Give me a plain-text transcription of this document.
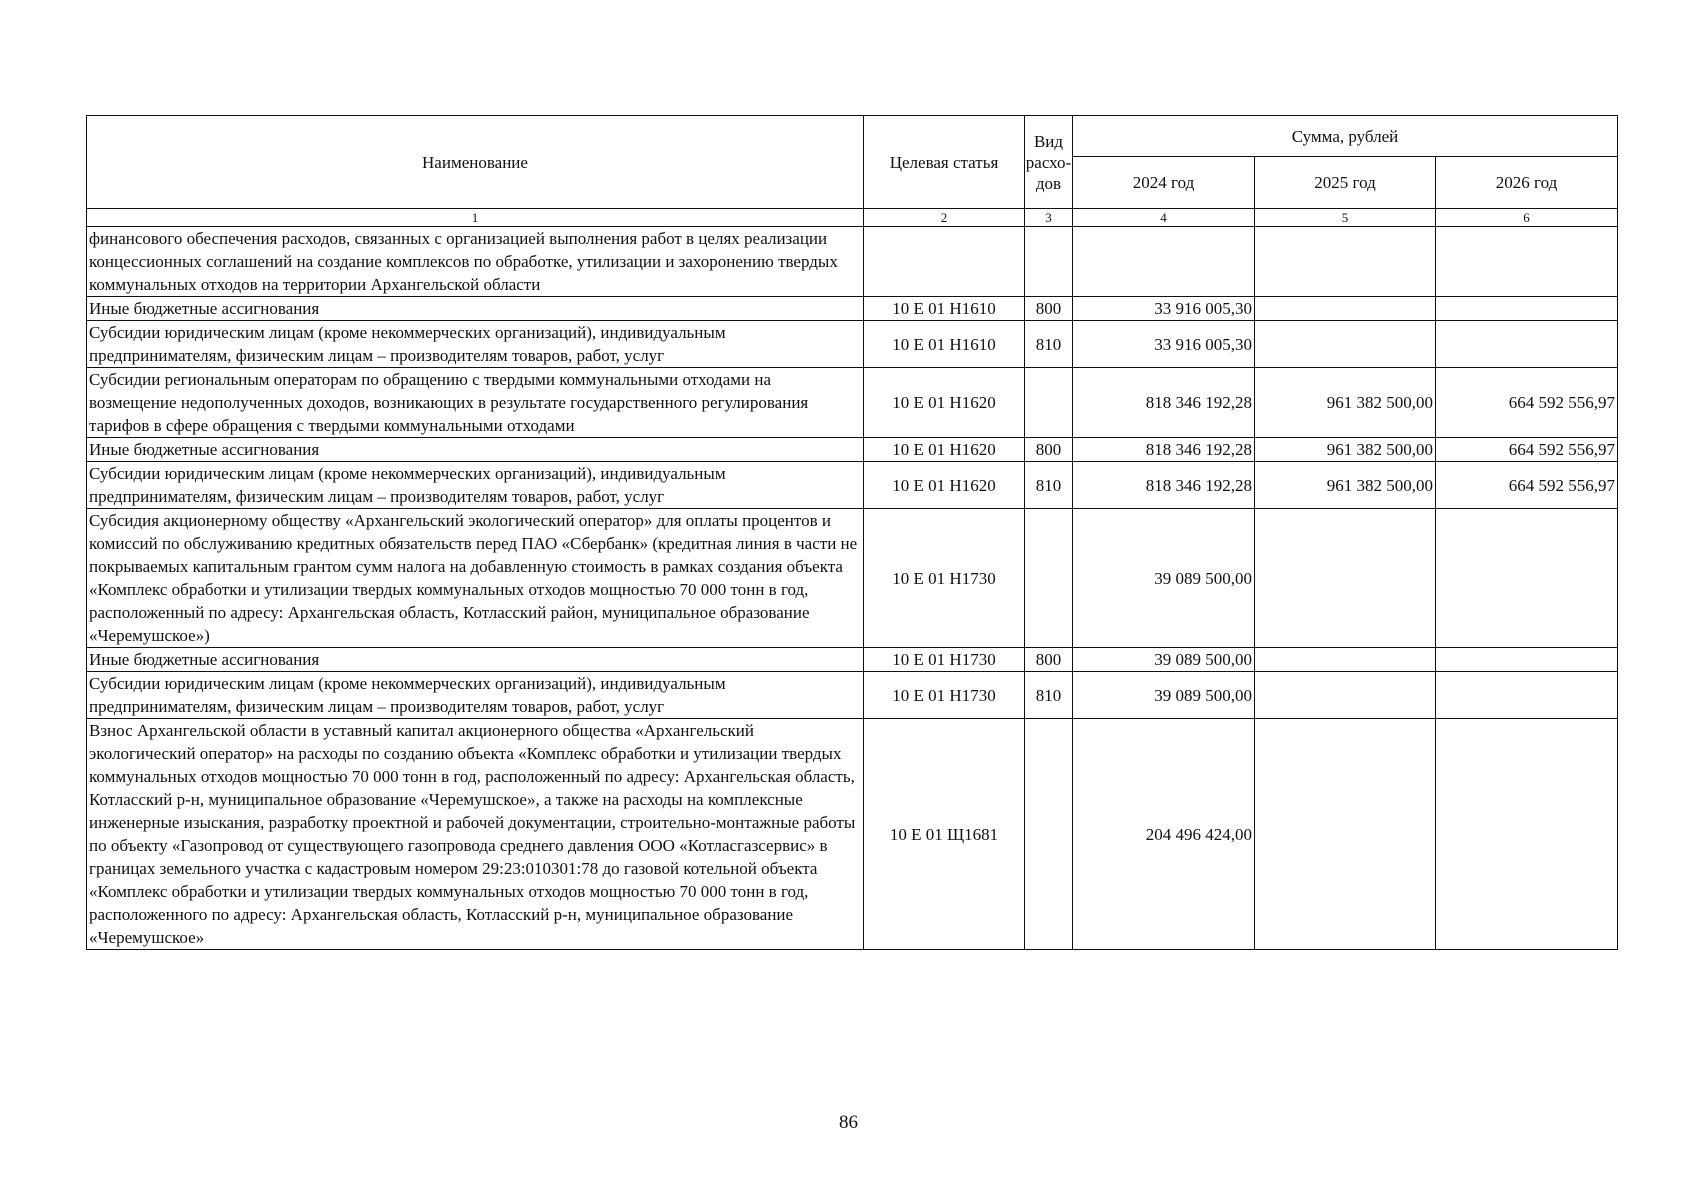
Наименование	Целевая статья	Вид расхо-дов	Сумма, рублей		
			2024 год	2025 год	2026 год
1	2	3	4	5	6
финансового обеспечения расходов, связанных с организацией выполнения работ в целях реализации концессионных соглашений на создание комплексов по обработке, утилизации и захоронению твердых коммунальных отходов на территории Архангельской области					
Иные бюджетные ассигнования	10 Е 01 Н1610	800	33 916 005,30		
Субсидии юридическим лицам (кроме некоммерческих организаций), индивидуальным предпринимателям, физическим лицам – производителям товаров, работ, услуг	10 Е 01 Н1610	810	33 916 005,30		
Субсидии региональным операторам по обращению с твердыми коммунальными отходами на возмещение недополученных доходов, возникающих в результате государственного регулирования тарифов в сфере обращения с твердыми коммунальными отходами	10 Е 01 Н1620		818 346 192,28	961 382 500,00	664 592 556,97
Иные бюджетные ассигнования	10 Е 01 Н1620	800	818 346 192,28	961 382 500,00	664 592 556,97
Субсидии юридическим лицам (кроме некоммерческих организаций), индивидуальным предпринимателям, физическим лицам – производителям товаров, работ, услуг	10 Е 01 Н1620	810	818 346 192,28	961 382 500,00	664 592 556,97
Субсидия акционерному обществу «Архангельский экологический оператор» для оплаты процентов и комиссий по обслуживанию кредитных обязательств перед ПАО «Сбербанк» (кредитная линия в части не покрываемых капитальным грантом сумм налога на добавленную стоимость в рамках создания объекта «Комплекс обработки и утилизации твердых коммунальных отходов мощностью 70 000 тонн в год, расположенный по адресу: Архангельская область, Котласский район, муниципальное образование «Черемушское»)	10 Е 01 Н1730		39 089 500,00		
Иные бюджетные ассигнования	10 Е 01 Н1730	800	39 089 500,00		
Субсидии юридическим лицам (кроме некоммерческих организаций), индивидуальным предпринимателям, физическим лицам – производителям товаров, работ, услуг	10 Е 01 Н1730	810	39 089 500,00		
Взнос Архангельской области в уставный капитал акционерного общества «Архангельский экологический оператор» на расходы по созданию объекта «Комплекс обработки и утилизации твердых коммунальных отходов мощностью 70 000 тонн в год, расположенный по адресу: Архангельская область, Котласский р-н, муниципальное образование «Черемушское», а также на расходы на комплексные инженерные изыскания, разработку проектной и рабочей документации, строительно-монтажные работы по объекту «Газопровод от существующего газопровода среднего давления ООО «Котласгазсервис» в границах земельного участка с кадастровым номером 29:23:010301:78 до газовой котельной объекта «Комплекс обработки и утилизации твердых коммунальных отходов мощностью 70 000 тонн в год, расположенного по адресу: Архангельская область, Котласский р-н, муниципальное образование «Черемушское»	10 Е 01 Щ1681		204 496 424,00		
86
